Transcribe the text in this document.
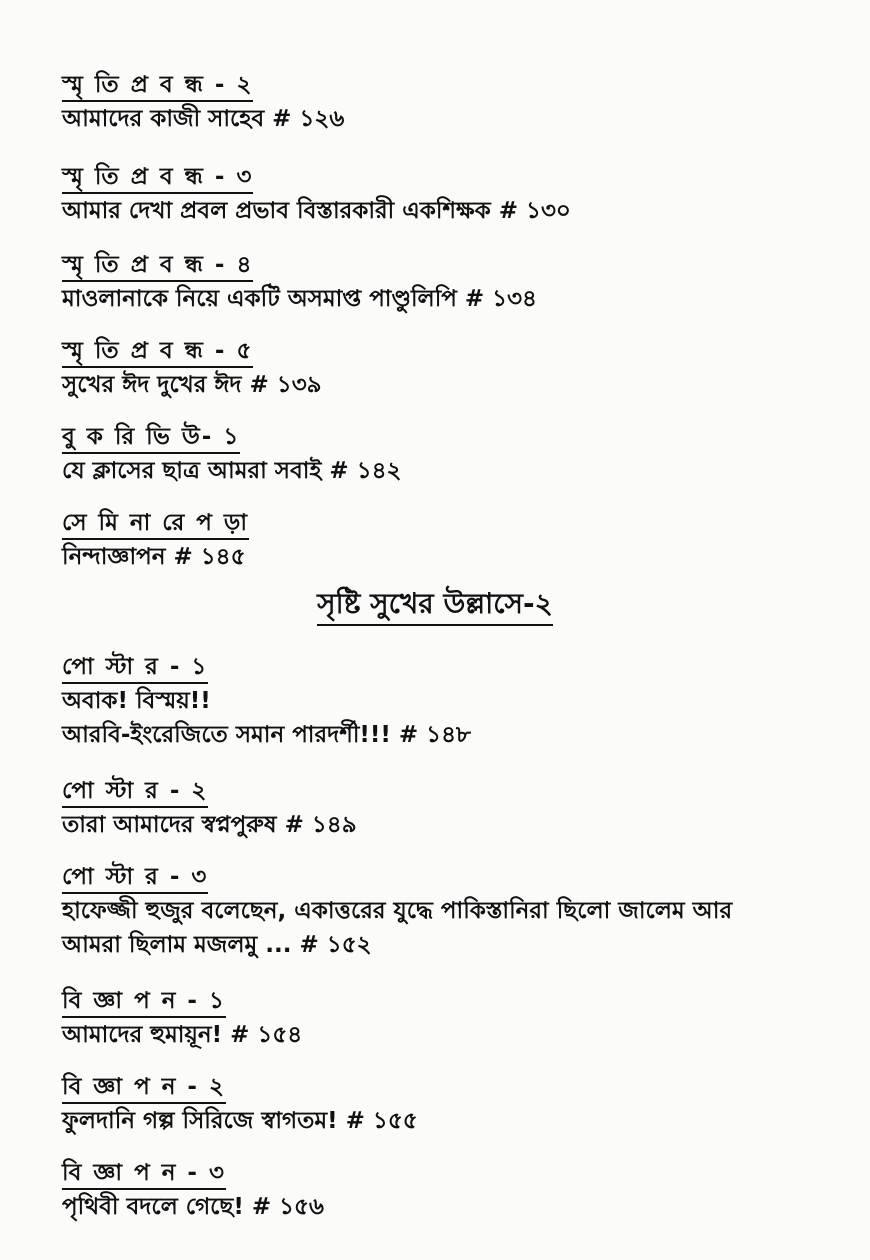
স্মৃ তি প্র ব ন্ধ - ২
আমাদের কাজী সাহেব # ১২৬
স্মৃ তি প্র ব ন্ধ - ৩
আমার দেখা প্রবল প্রভাব বিস্তারকারী একশিক্ষক # ১৩০
স্মৃ তি প্র ব ন্ধ - ৪
মাওলানাকে নিয়ে একটি অসমাপ্ত পাণ্ডুলিপি # ১৩৪
স্মৃ তি প্র ব ন্ধ - ৫
সুখের ঈদ দুখের ঈদ # ১৩৯
বু ক রি ভি উ- ১
যে ক্লাসের ছাত্র আমরা সবাই # ১৪২
সে মি না রে প ড়া
নিন্দাজ্ঞাপন # ১৪৫
সৃষ্টি সুখের উল্লাসে-২
পো স্টা র - ১
অবাক! বিস্ময়!!
আরবি-ইংরেজিতে সমান পারদর্শী!!! # ১৪৮
পো স্টা র - ২
তারা আমাদের স্বপ্নপুরুষ # ১৪৯
পো স্টা র - ৩
হাফেজ্জী হুজুর বলেছেন, একাত্তরের যুদ্ধে পাকিস্তানিরা ছিলো জালেম আর
আমরা ছিলাম মজলমু ... # ১৫২
বি জ্ঞা প ন - ১
আমাদের হুমায়ূন! # ১৫৪
বি জ্ঞা প ন - ২
ফুলদানি গল্প সিরিজে স্বাগতম! # ১৫৫
বি জ্ঞা প ন - ৩
পৃথিবী বদলে গেছে! # ১৫৬
